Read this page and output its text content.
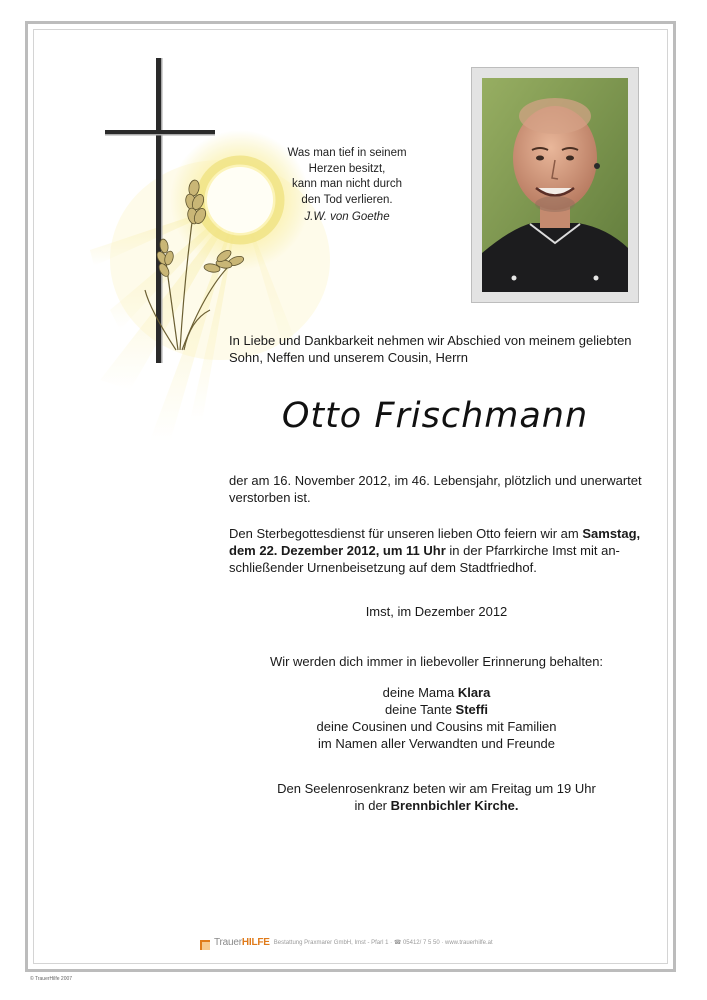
Was man tief in seinem
Herzen besitzt,
kann man nicht durch
den Tod verlieren.
J.W. von Goethe
In Liebe und Dankbarkeit nehmen wir Abschied von meinem geliebten
Sohn, Neffen und unserem Cousin, Herrn
Otto Frischmann
der am 16. November 2012, im 46. Lebensjahr, plötzlich und unerwartet
verstorben ist.
Den Sterbegottesdienst für unseren lieben Otto feiern wir am Samstag,
dem 22. Dezember 2012, um 11 Uhr in der Pfarrkirche Imst mit an-
schließender Urnenbeisetzung auf dem Stadtfriedhof.
Imst, im Dezember 2012
Wir werden dich immer in liebevoller Erinnerung behalten:
deine Mama Klara
deine Tante Steffi
deine Cousinen und Cousins mit Familien
im Namen aller Verwandten und Freunde
Den Seelenrosenkranz beten wir am Freitag um 19 Uhr
in der Brennbichler Kirche.
TrauerHILFE Bestattung Praxmarer GmbH, Imst - Pfarl 1 · ☎ 05412/ 7 5 50 · www.trauerhilfe.at
© TrauerHilfe 2007
